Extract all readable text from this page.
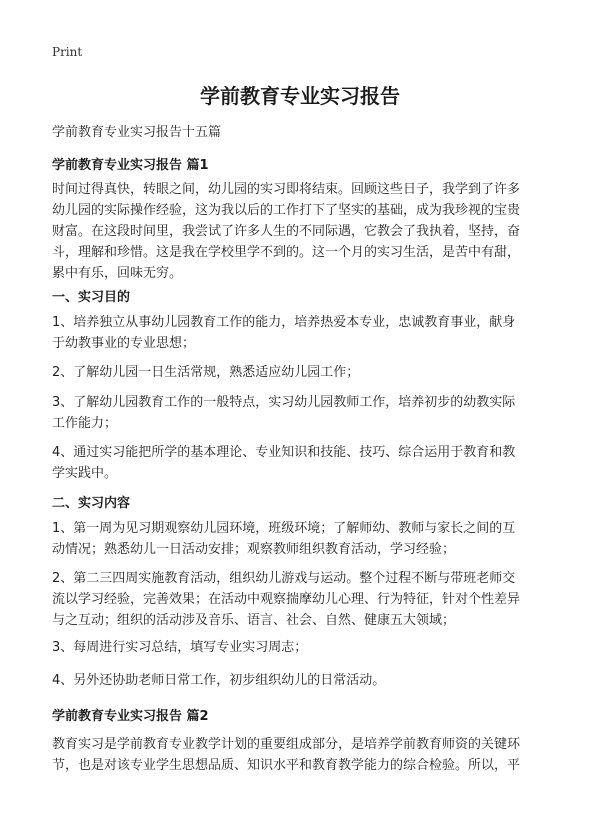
Print
学前教育专业实习报告
学前教育专业实习报告十五篇
学前教育专业实习报告 篇1
时间过得真快，转眼之间，幼儿园的实习即将结束。回顾这些日子，我学到了许多
幼儿园的实际操作经验，这为我以后的工作打下了坚实的基础，成为我珍视的宝贵
财富。在这段时间里，我尝试了许多人生的不同际遇，它教会了我执着，坚持，奋
斗，理解和珍惜。这是我在学校里学不到的。这一个月的实习生活，是苦中有甜，
累中有乐，回味无穷。
一、实习目的
1、培养独立从事幼儿园教育工作的能力，培养热爱本专业，忠诚教育事业，献身
于幼教事业的专业思想；
2、了解幼儿园一日生活常规，熟悉适应幼儿园工作；
3、了解幼儿园教育工作的一般特点，实习幼儿园教师工作，培养初步的幼教实际
工作能力；
4、通过实习能把所学的基本理论、专业知识和技能、技巧、综合运用于教育和教
学实践中。
二、实习内容
1、第一周为见习期观察幼儿园环境，班级环境；了解师幼、教师与家长之间的互
动情况；熟悉幼儿一日活动安排；观察教师组织教育活动，学习经验；
2、第二三四周实施教育活动，组织幼儿游戏与运动。整个过程不断与带班老师交
流以学习经验，完善效果；在活动中观察揣摩幼儿心理、行为特征，针对个性差异
与之互动；组织的活动涉及音乐、语言、社会、自然、健康五大领域；
3、每周进行实习总结，填写专业实习周志；
4、另外还协助老师日常工作，初步组织幼儿的日常活动。
学前教育专业实习报告 篇2
教育实习是学前教育专业教学计划的重要组成部分，是培养学前教育师资的关键环
节，也是对该专业学生思想品质、知识水平和教育教学能力的综合检验。所以，平
